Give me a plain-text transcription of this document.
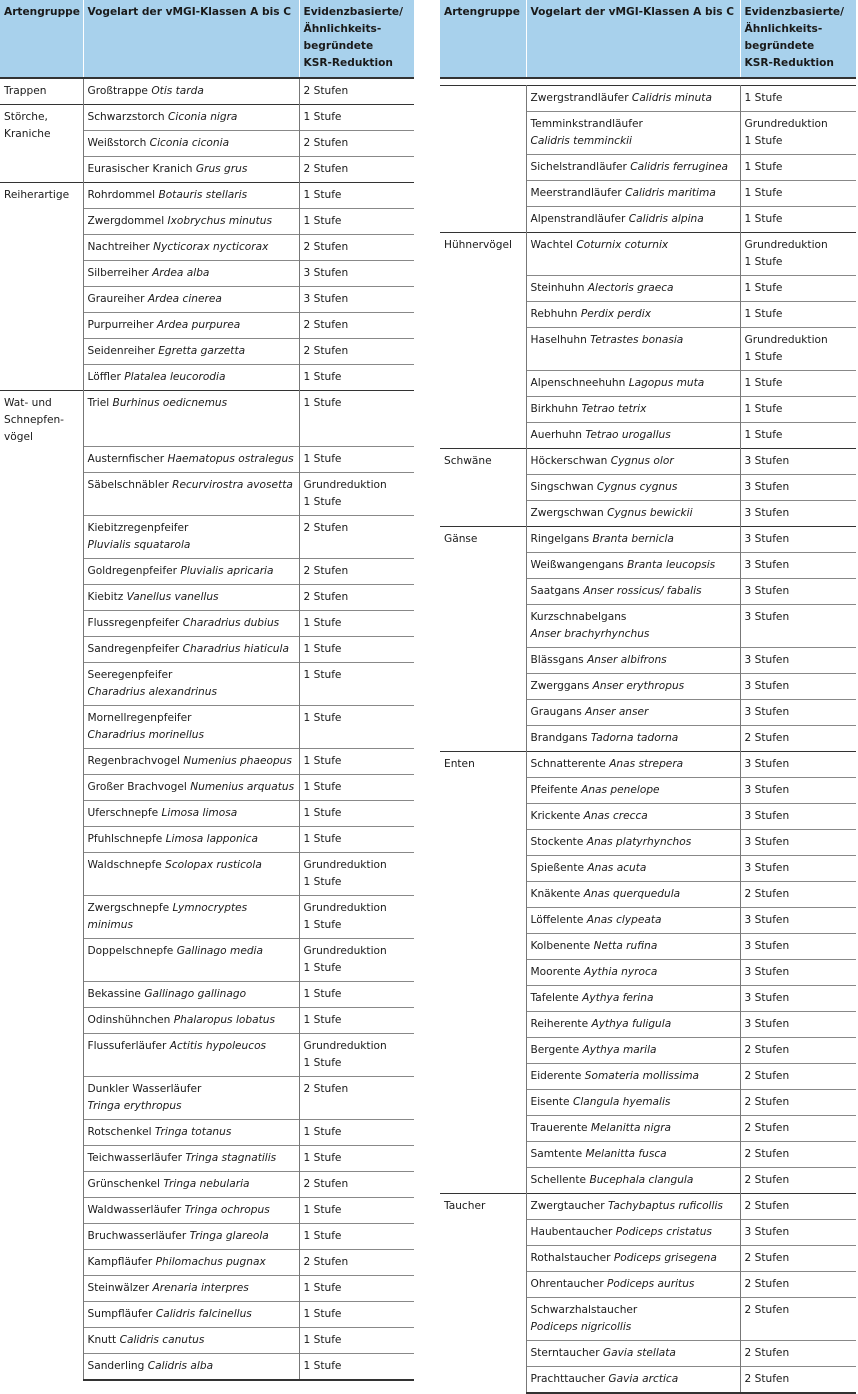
Artengruppe	Vogelart der vMGI-Klassen A bis C	Evidenzbasierte/
Ähnlichkeits-
begründete
KSR-Reduktion

Trappen	Großtrappe Otis tarda	2 Stufen

Störche, Kraniche	Schwarzstorch Ciconia nigra	1 Stufe

	Weißstorch Ciconia ciconia	2 Stufen

	Eurasischer Kranich Grus grus	2 Stufen

Reiherartige	Rohrdommel Botauris stellaris	1 Stufe

	Zwergdommel Ixobrychus minutus	1 Stufe

	Nachtreiher Nycticorax nycticorax	2 Stufen

	Silberreiher Ardea alba	3 Stufen

	Graureiher Ardea cinerea	3 Stufen

	Purpurreiher Ardea purpurea	2 Stufen

	Seidenreiher Egretta garzetta	2 Stufen

	Löffler Platalea leucorodia	1 Stufe

Wat- und
Schnepfen-
vögel	Triel Burhinus oedicnemus	1 Stufe

	Austernfischer Haematopus ostralegus	1 Stufe

	Säbelschnäbler Recurvirostra avosetta	Grundreduktion
1 Stufe

	Kiebitzregenpfeifer
Pluvialis squatarola	2 Stufen

	Goldregenpfeifer Pluvialis apricaria	2 Stufen

	Kiebitz Vanellus vanellus	2 Stufen

	Flussregenpfeifer Charadrius dubius	1 Stufe

	Sandregenpfeifer Charadrius hiaticula	1 Stufe

	Seeregenpfeifer
Charadrius alexandrinus	1 Stufe

	Mornellregenpfeifer
Charadrius morinellus	1 Stufe

	Regenbrachvogel Numenius phaeopus	1 Stufe

	Großer Brachvogel Numenius arquatus	1 Stufe

	Uferschnepfe Limosa limosa	1 Stufe

	Pfuhlschnepfe Limosa lapponica	1 Stufe

	Waldschnepfe Scolopax rusticola	Grundreduktion
1 Stufe

	Zwergschnepfe Lymnocryptes minimus	Grundreduktion
1 Stufe

	Doppelschnepfe Gallinago media	Grundreduktion
1 Stufe

	Bekassine Gallinago gallinago	1 Stufe

	Odinshühnchen Phalaropus lobatus	1 Stufe

	Flussuferläufer Actitis hypoleucos	Grundreduktion
1 Stufe

	Dunkler Wasserläufer
Tringa erythropus	2 Stufen

	Rotschenkel Tringa totanus	1 Stufe

	Teichwasserläufer Tringa stagnatilis	1 Stufe

	Grünschenkel Tringa nebularia	2 Stufen

	Waldwasserläufer Tringa ochropus	1 Stufe

	Bruchwasserläufer Tringa glareola	1 Stufe

	Kampfläufer Philomachus pugnax	2 Stufen

	Steinwälzer Arenaria interpres	1 Stufe

	Sumpfläufer Calidris falcinellus	1 Stufe

	Knutt Calidris canutus	1 Stufe

	Sanderling Calidris alba	1 Stufe
Artengruppe	Vogelart der vMGI-Klassen A bis C	Evidenzbasierte/
Ähnlichkeits-
begründete
KSR-Reduktion

	Zwergstrandläufer Calidris minuta	1 Stufe

	Temminkstrandläufer
Calidris temminckii	Grundreduktion
1 Stufe

	Sichelstrandläufer Calidris ferruginea	1 Stufe

	Meerstrandläufer Calidris maritima	1 Stufe

	Alpenstrandläufer Calidris alpina	1 Stufe

Hühnervögel	Wachtel Coturnix coturnix	Grundreduktion
1 Stufe

	Steinhuhn Alectoris graeca	1 Stufe

	Rebhuhn Perdix perdix	1 Stufe

	Haselhuhn Tetrastes bonasia	Grundreduktion
1 Stufe

	Alpenschneehuhn Lagopus muta	1 Stufe

	Birkhuhn Tetrao tetrix	1 Stufe

	Auerhuhn Tetrao urogallus	1 Stufe

Schwäne	Höckerschwan Cygnus olor	3 Stufen

	Singschwan Cygnus cygnus	3 Stufen

	Zwergschwan Cygnus bewickii	3 Stufen

Gänse	Ringelgans Branta bernicla	3 Stufen

	Weißwangengans Branta leucopsis	3 Stufen

	Saatgans Anser rossicus/ fabalis	3 Stufen

	Kurzschnabelgans
Anser brachyrhynchus	3 Stufen

	Blässgans Anser albifrons	3 Stufen

	Zwerggans Anser erythropus	3 Stufen

	Graugans Anser anser	3 Stufen

	Brandgans Tadorna tadorna	2 Stufen

Enten	Schnatterente Anas strepera	3 Stufen

	Pfeifente Anas penelope	3 Stufen

	Krickente Anas crecca	3 Stufen

	Stockente Anas platyrhynchos	3 Stufen

	Spießente Anas acuta	3 Stufen

	Knäkente Anas querquedula	2 Stufen

	Löffelente Anas clypeata	3 Stufen

	Kolbenente Netta rufina	3 Stufen

	Moorente Aythia nyroca	3 Stufen

	Tafelente Aythya ferina	3 Stufen

	Reiherente Aythya fuligula	3 Stufen

	Bergente Aythya marila	2 Stufen

	Eiderente Somateria mollissima	2 Stufen

	Eisente Clangula hyemalis	2 Stufen

	Trauerente Melanitta nigra	2 Stufen

	Samtente Melanitta fusca	2 Stufen

	Schellente Bucephala clangula	2 Stufen

Taucher	Zwergtaucher Tachybaptus ruficollis	2 Stufen

	Haubentaucher Podiceps cristatus	3 Stufen

	Rothalstaucher Podiceps grisegena	2 Stufen

	Ohrentaucher Podiceps auritus	2 Stufen

	Schwarzhalstaucher
Podiceps nigricollis	2 Stufen

	Sterntaucher Gavia stellata	2 Stufen

	Prachttaucher Gavia arctica	2 Stufen
